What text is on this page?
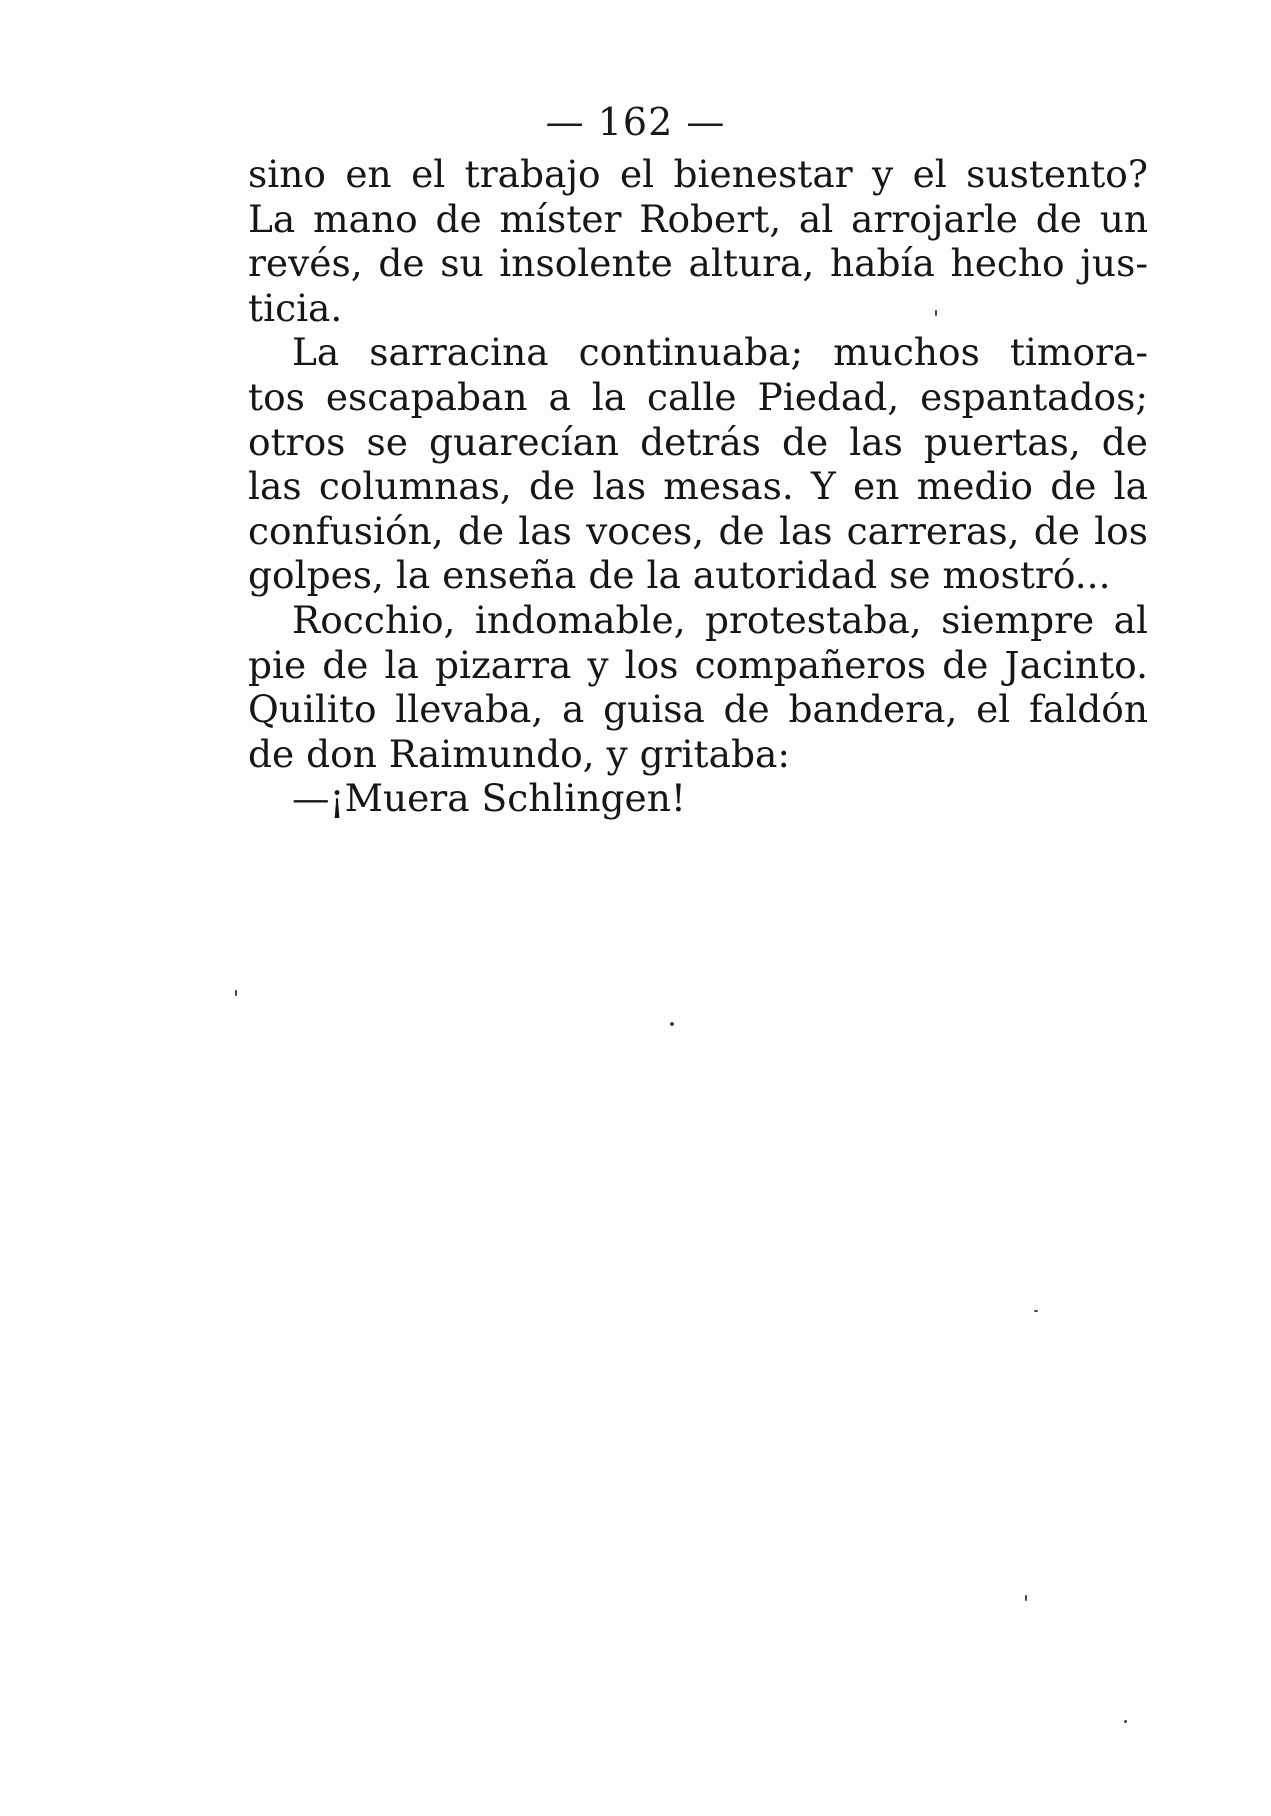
— 162 —
sino en el trabajo el bienestar y el sustento?
La mano de míster Robert, al arrojarle de un
revés, de su insolente altura, había hecho jus-
ticia.
La sarracina continuaba; muchos timora-
tos escapaban a la calle Piedad, espantados;
otros se guarecían detrás de las puertas, de
las columnas, de las mesas. Y en medio de la
confusión, de las voces, de las carreras, de los
golpes, la enseña de la autoridad se mostró...
Rocchio, indomable, protestaba, siempre al
pie de la pizarra y los compañeros de Jacinto.
Quilito llevaba, a guisa de bandera, el faldón
de don Raimundo, y gritaba:
—¡Muera Schlingen!
